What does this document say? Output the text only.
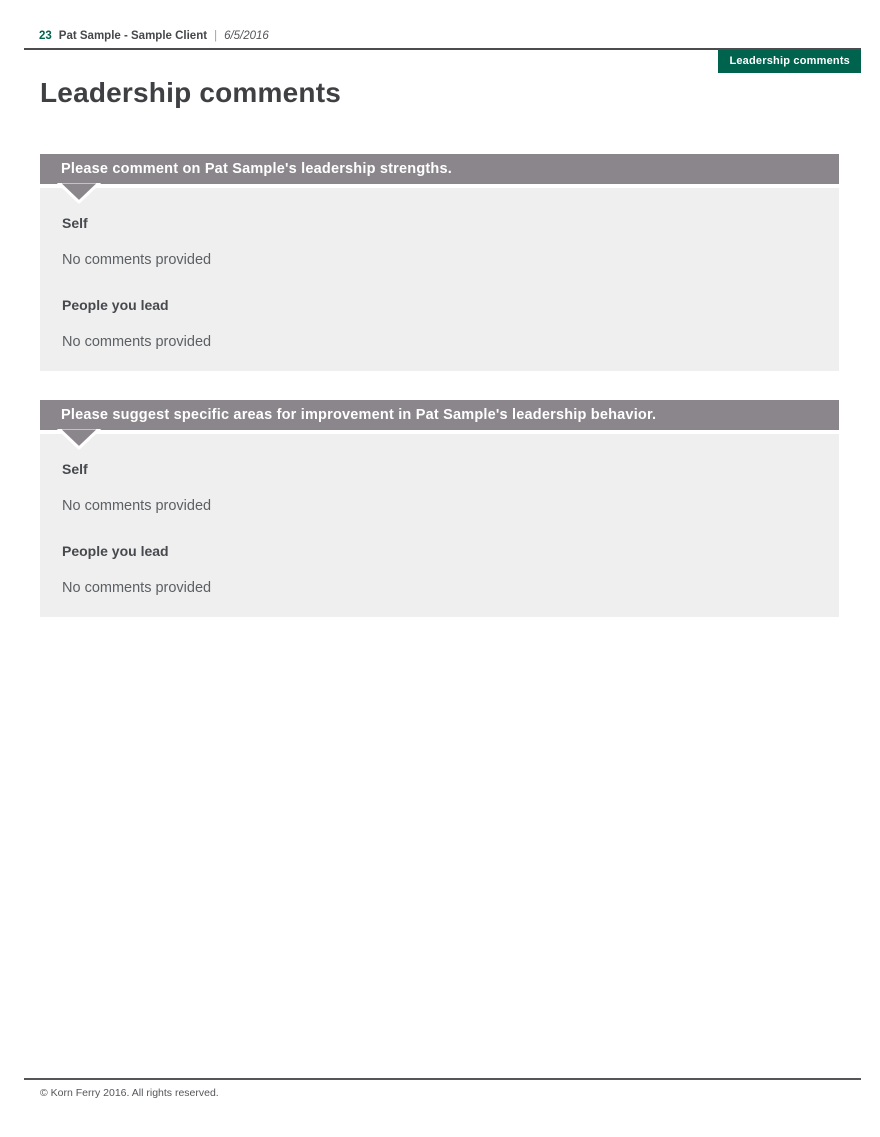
23 Pat Sample - Sample Client | 6/5/2016
Leadership comments
Leadership comments
Please comment on Pat Sample's leadership strengths.
Self

No comments provided

People you lead

No comments provided

Please suggest specific areas for improvement in Pat Sample's leadership behavior.
Self

No comments provided

People you lead

No comments provided

© Korn Ferry 2016. All rights reserved.
